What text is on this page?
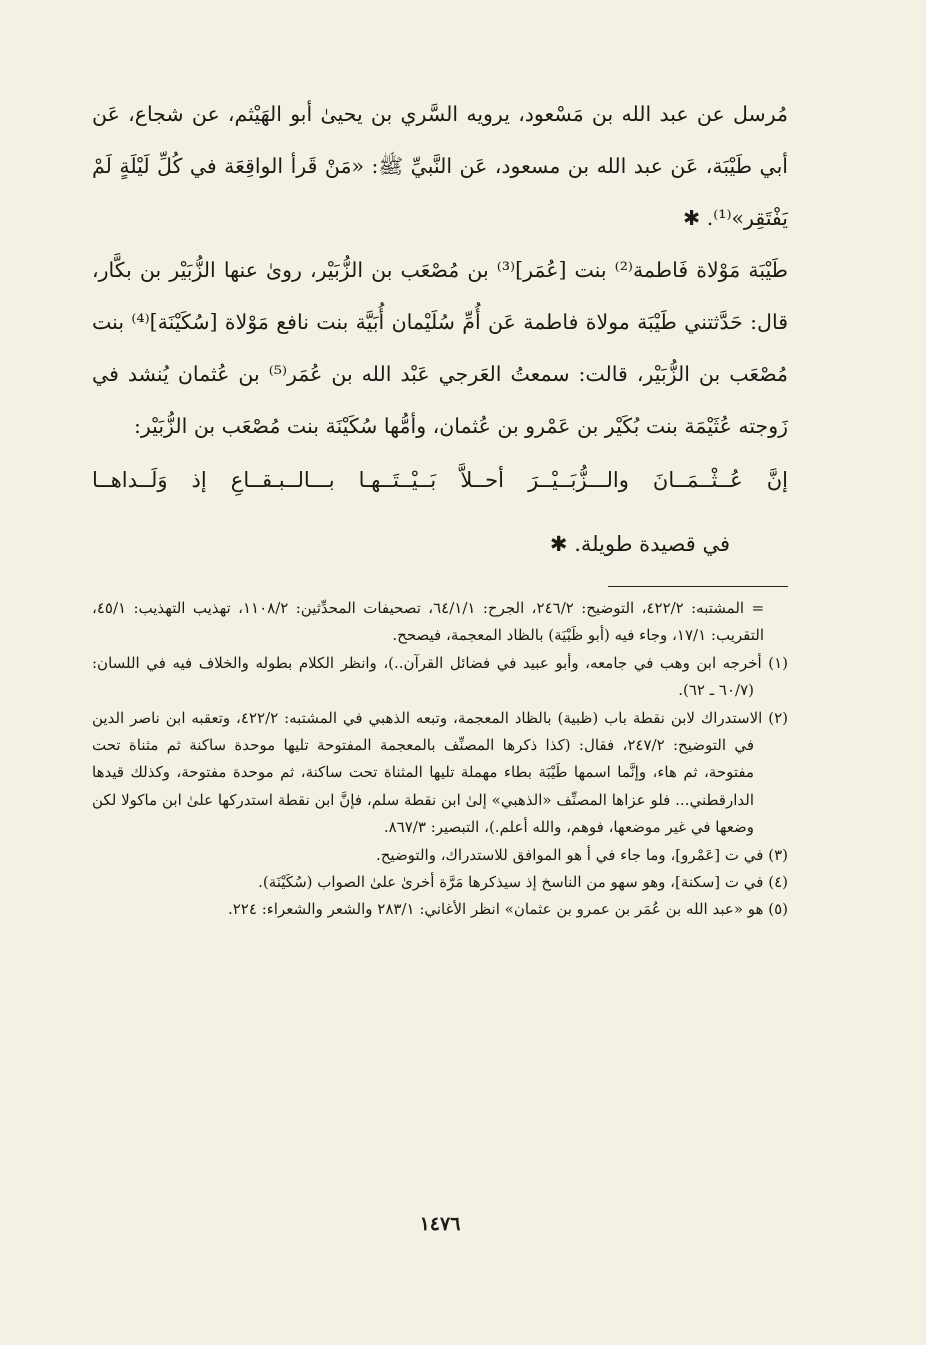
مُرسل عن عبد الله بن مَسْعود، يرويه السَّري بن يحيىٰ أبو الهَيْثم، عن شجاع، عَن أبي طَيْبَة، عَن عبد الله بن مسعود، عَن النَّبيِّ ﷺ: «مَنْ قَرأ الواقِعَة في كُلِّ لَيْلَةٍ لَمْ يَفْتَقِر»⁽¹⁾. ✱

طَيْبَة مَوْلاة فَاطمة⁽²⁾ بنت [عُمَر]⁽³⁾ بن مُصْعَب بن الزُّبَيْر، روىٰ عنها الزُّبَيْر بن بكَّار، قال: حَدَّثتني طَيْبَة مولاة فاطمة عَن أُمِّ سُلَيْمان أُبَيَّة بنت نافع مَوْلاة [سُكَيْنَة]⁽⁴⁾ بنت مُصْعَب بن الزُّبَيْر، قالت: سمعتُ العَرجي عَبْد الله بن عُمَر⁽⁵⁾ بن عُثمان يُنشد في زَوجته عُثَيْمَة بنت بُكَيْر بن عَمْرو بن عُثمان، وأمُّها سُكَيْنَة بنت مُصْعَب بن الزُّبَيْر:

إنَّ
عُــثْــمَــانَ
والـــزُّبَــيْــرَ
أحــلاَّ
بَــيْــتَــهـا
بـــالــبـقــاعِ
إذ
وَلَــداهــا
في قصيدة طويلة. ✱

= المشتبه: ٤٢٢/٢، التوضيح: ٢٤٦/٢، الجرح: ٦٤/١/١، تصحيفات المحدِّثين: ١١٠٨/٢، تهذيب التهذيب: ٤٥/١، التقريب: ١٧/١، وجاء فيه (أبو ظَبْيَة) بالظاد المعجمة، فيصحح.

(١) أخرجه ابن وهب في جامعه، وأبو عبيد في فضائل القرآن..)، وانظر الكلام بطوله والخلاف فيه في اللسان: (٦٠/٧ ـ ٦٢).

(٢) الاستدراك لابن نقطة باب (ظبية) بالظاد المعجمة، وتبعه الذهبي في المشتبه: ٤٢٢/٢، وتعقبه ابن ناصر الدين في التوضيح: ٢٤٧/٢، فقال: (كذا ذكرها المصنِّف بالمعجمة المفتوحة تليها موحدة ساكنة ثم مثناة تحت مفتوحة، ثم هاء، وإنَّما اسمها طَيْبَة بطاء مهملة تليها المثناة تحت ساكنة، ثم موحدة مفتوحة، وكذلك قيدها الدارقطني... فلو عزاها المصنِّف «الذهبي» إلىٰ ابن نقطة سلم، فإنَّ ابن نقطة استدركها علىٰ ابن ماكولا لكن وضعها في غير موضعها، فوهم، والله أعلم.)، التبصير: ٨٦٧/٣.

(٣) في ت [عَمْرو]، وما جاء في أ هو الموافق للاستدراك، والتوضيح.

(٤) في ت [سكنة]، وهو سهو من الناسخ إذ سيذكرها مَرَّة أخرىٰ علىٰ الصواب (سُكَيْنَة).

(٥) هو «عبد الله بن عُمَر بن عمرو بن عثمان» انظر الأغاني: ٢٨٣/١ والشعر والشعراء: ٢٢٤.

١٤٧٦
